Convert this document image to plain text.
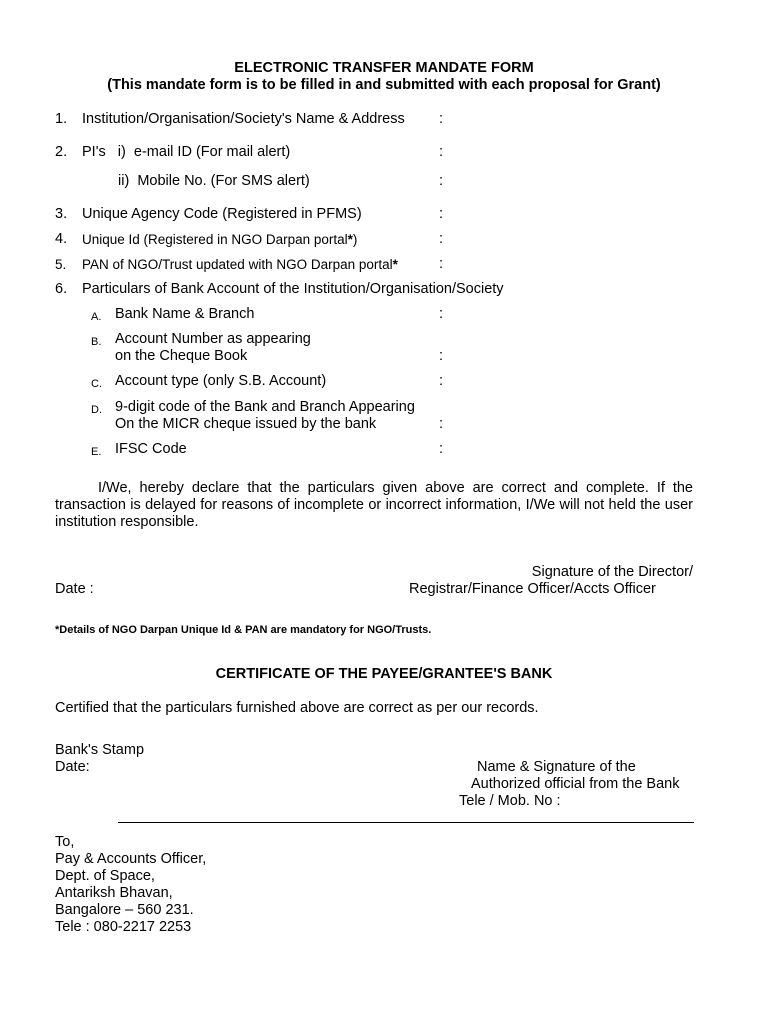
ELECTRONIC TRANSFER MANDATE FORM
(This mandate form is to be filled in and submitted with each proposal for Grant)
1. Institution/Organisation/Society's Name & Address :
2. PI's   i)  e-mail ID (For mail alert)	:
ii)  Mobile No. (For SMS alert)	:
3. Unique Agency Code (Registered in PFMS)	:
4. Unique Id (Registered in NGO Darpan portal*)	:
5. PAN of NGO/Trust updated with NGO Darpan portal*	:
6. Particulars of Bank Account of the Institution/Organisation/Society
A. Bank Name & Branch	:
B. Account Number as appearing
on the Cheque Book	:
C. Account type (only S.B. Account)	:
D. 9-digit code of the Bank and Branch Appearing
On the MICR cheque issued by the bank	:
E. IFSC Code	:
I/We, hereby declare that the particulars given above are correct and complete. If the transaction is delayed for reasons of incomplete or incorrect information, I/We will not held the user institution responsible.
Signature of the Director/
Date :	Registrar/Finance Officer/Accts Officer
*Details of NGO Darpan Unique Id & PAN are mandatory for NGO/Trusts.
CERTIFICATE OF THE PAYEE/GRANTEE'S BANK
Certified that the particulars furnished above are correct as per our records.
Bank's Stamp
Date:	Name & Signature of the
Authorized official from the Bank
Tele / Mob. No :
To,
Pay & Accounts Officer,
Dept. of Space,
Antariksh Bhavan,
Bangalore – 560 231.
Tele : 080-2217 2253
